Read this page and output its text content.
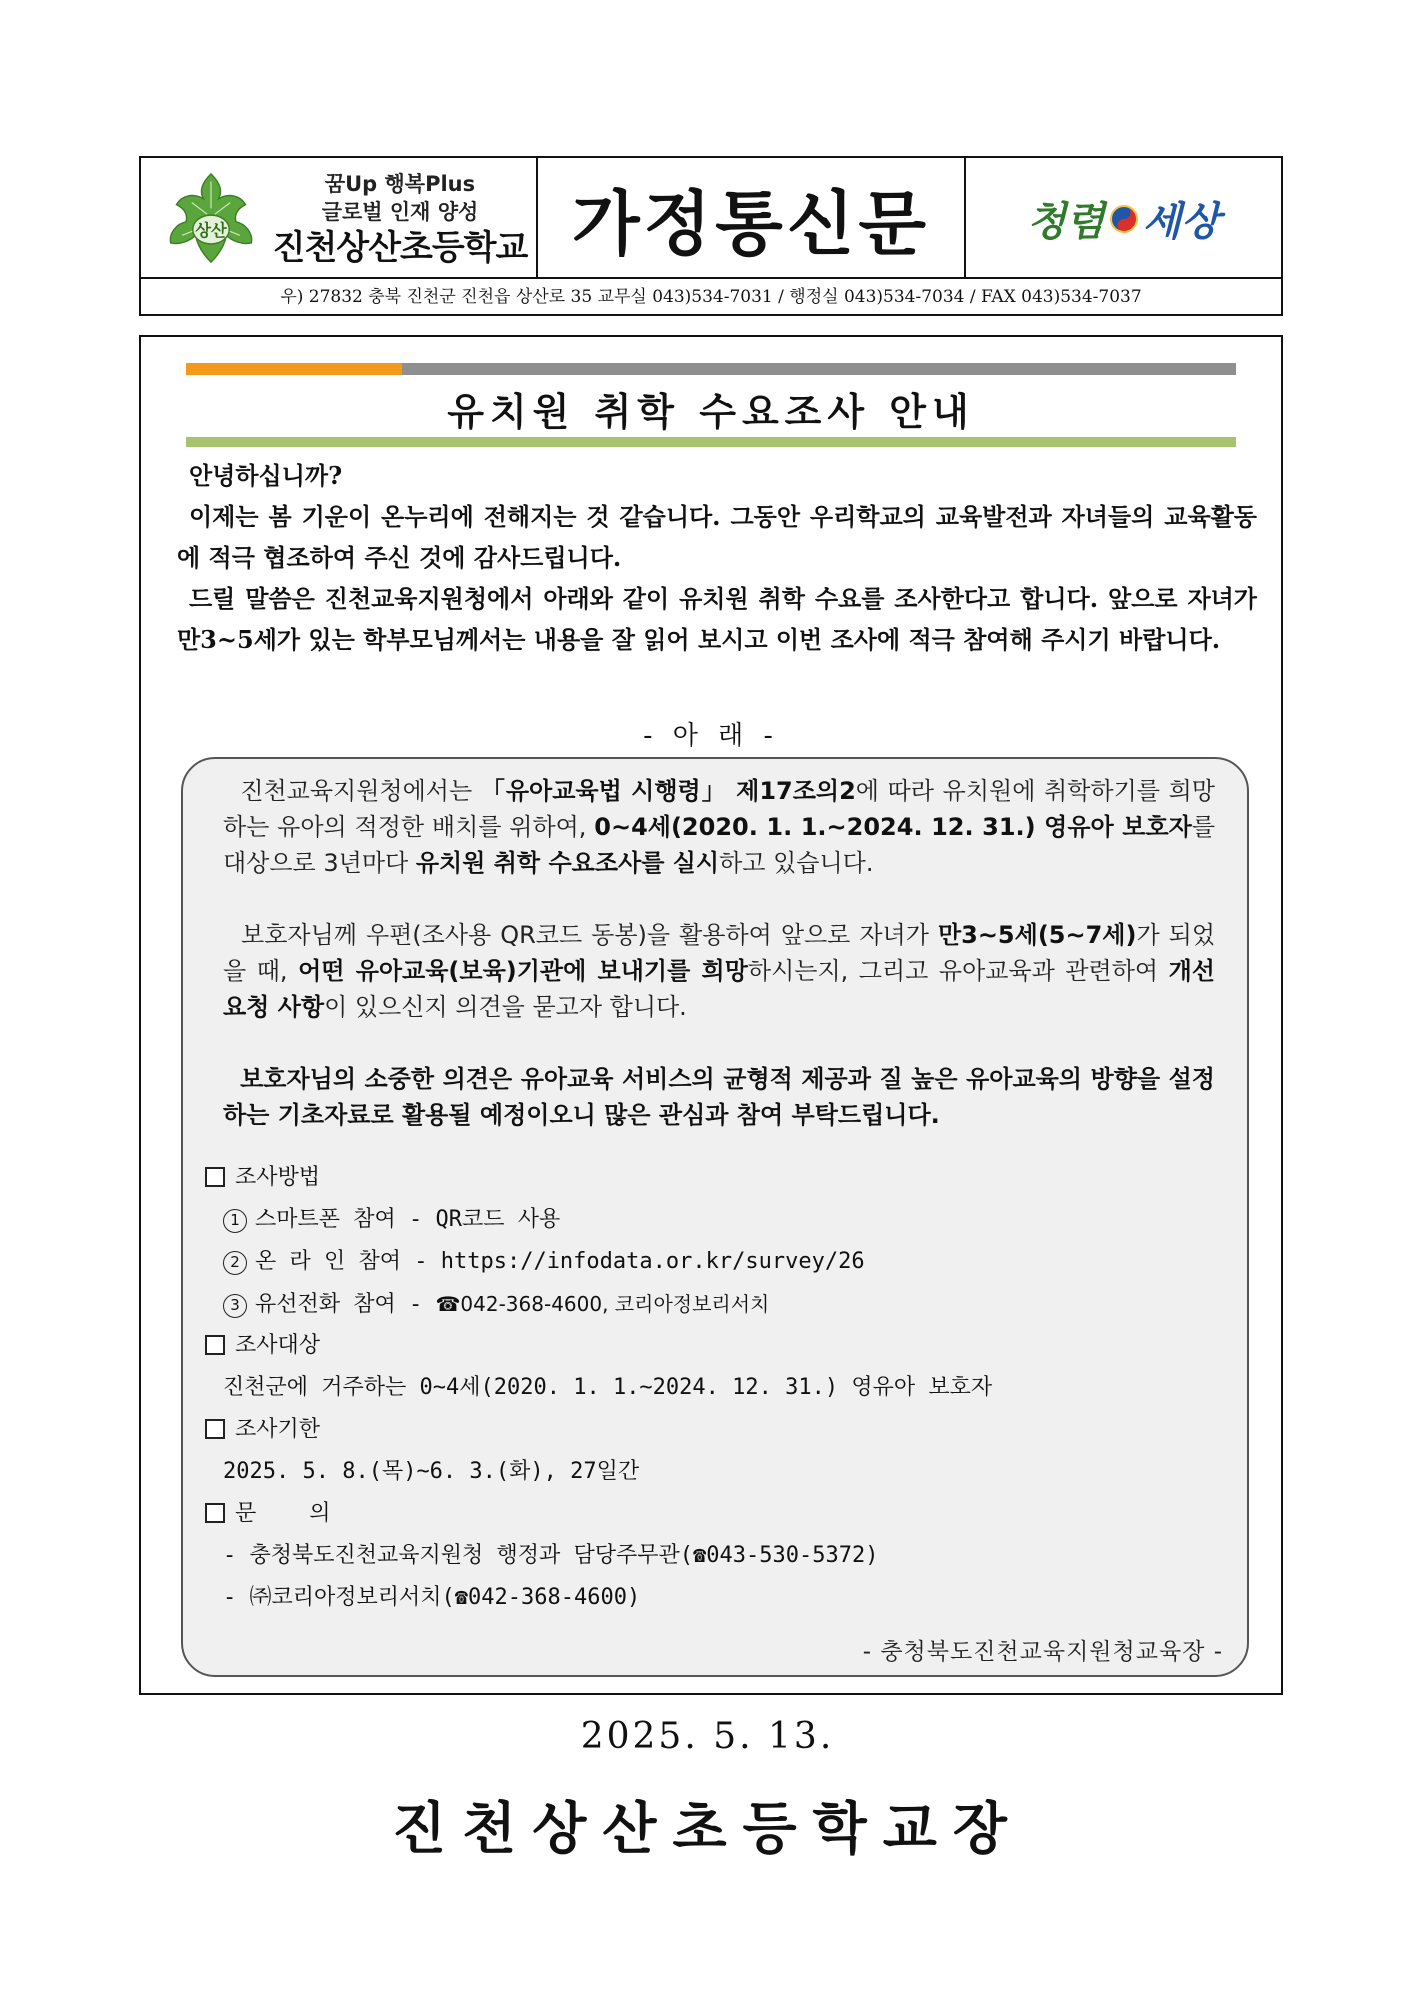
상산
꿈Up 행복Plus
글로벌 인재 양성
진천상산초등학교 가정통신문 청렴 세상
우) 27832 충북 진천군 진천읍 상산로 35 교무실 043)534-7031 / 행정실 043)534-7034 / FAX 043)534-7037
유치원 취학 수요조사 안내

안녕하십니까?

이제는 봄 기운이 온누리에 전해지는 것 같습니다. 그동안 우리학교의 교육발전과 자녀들의 교육활동에 적극 협조하여 주신 것에 감사드립니다.

드릴 말씀은 진천교육지원청에서 아래와 같이 유치원 취학 수요를 조사한다고 합니다. 앞으로 자녀가 만3~5세가 있는 학부모님께서는 내용을 잘 읽어 보시고 이번 조사에 적극 참여해 주시기 바랍니다.

- 아 래 -

진천교육지원청에서는 「유아교육법 시행령」 제17조의2에 따라 유치원에 취학하기를 희망하는 유아의 적정한 배치를 위하여, 0~4세(2020. 1. 1.~2024. 12. 31.) 영유아 보호자를 대상으로 3년마다 유치원 취학 수요조사를 실시하고 있습니다.

보호자님께 우편(조사용 QR코드 동봉)을 활용하여 앞으로 자녀가 만3~5세(5~7세)가 되었을 때, 어떤 유아교육(보육)기관에 보내기를 희망하시는지, 그리고 유아교육과 관련하여 개선 요청 사항이 있으신지 의견을 묻고자 합니다.

보호자님의 소중한 의견은 유아교육 서비스의 균형적 제공과 질 높은 유아교육의 방향을 설정하는 기초자료로 활용될 예정이오니 많은 관심과 참여 부탁드립니다.

조사방법
1 스마트폰 참여 - QR코드 사용
2 온 라 인 참여 - https://infodata.or.kr/survey/26
3 유선전화 참여 - ☎042-368-4600, 코리아정보리서치
조사대상
진천군에 거주하는 0~4세(2020. 1. 1.~2024. 12. 31.) 영유아 보호자
조사기한
2025. 5. 8.(목)~6. 3.(화), 27일간
문    의
- 충청북도진천교육지원청 행정과 담당주무관(☎043-530-5372)
- ㈜코리아정보리서치(☎042-368-4600)
- 충청북도진천교육지원청교육장 -
2025. 5. 13.
진천상산초등학교장
